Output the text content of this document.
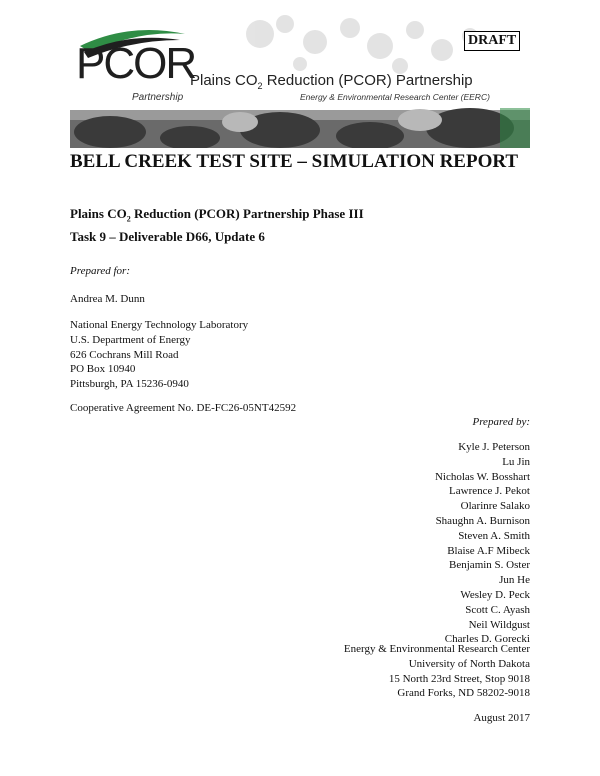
PCOR
Partnership
Plains $CO_2$ Reduction (PCOR) Partnership
Energy & Environmental Research Center (EERC)
DRAFT
BELL CREEK TEST SITE – SIMULATION REPORT
Plains $CO_2$ Reduction (PCOR) Partnership Phase III
Task 9 – Deliverable D66, Update 6
Prepared for:
Andrea M. Dunn
National Energy Technology Laboratory
U.S. Department of Energy
626 Cochrans Mill Road
PO Box 10940
Pittsburgh, PA 15236-0940
Cooperative Agreement No. DE-FC26-05NT42592
Prepared by:
Kyle J. Peterson
Lu Jin
Nicholas W. Bosshart
Lawrence J. Pekot
Olarinre Salako
Shaughn A. Burnison
Steven A. Smith
Blaise A.F Mibeck
Benjamin S. Oster
Jun He
Wesley D. Peck
Scott C. Ayash
Neil Wildgust
Charles D. Gorecki
Energy & Environmental Research Center
University of North Dakota
15 North 23rd Street, Stop 9018
Grand Forks, ND 58202-9018
August 2017
